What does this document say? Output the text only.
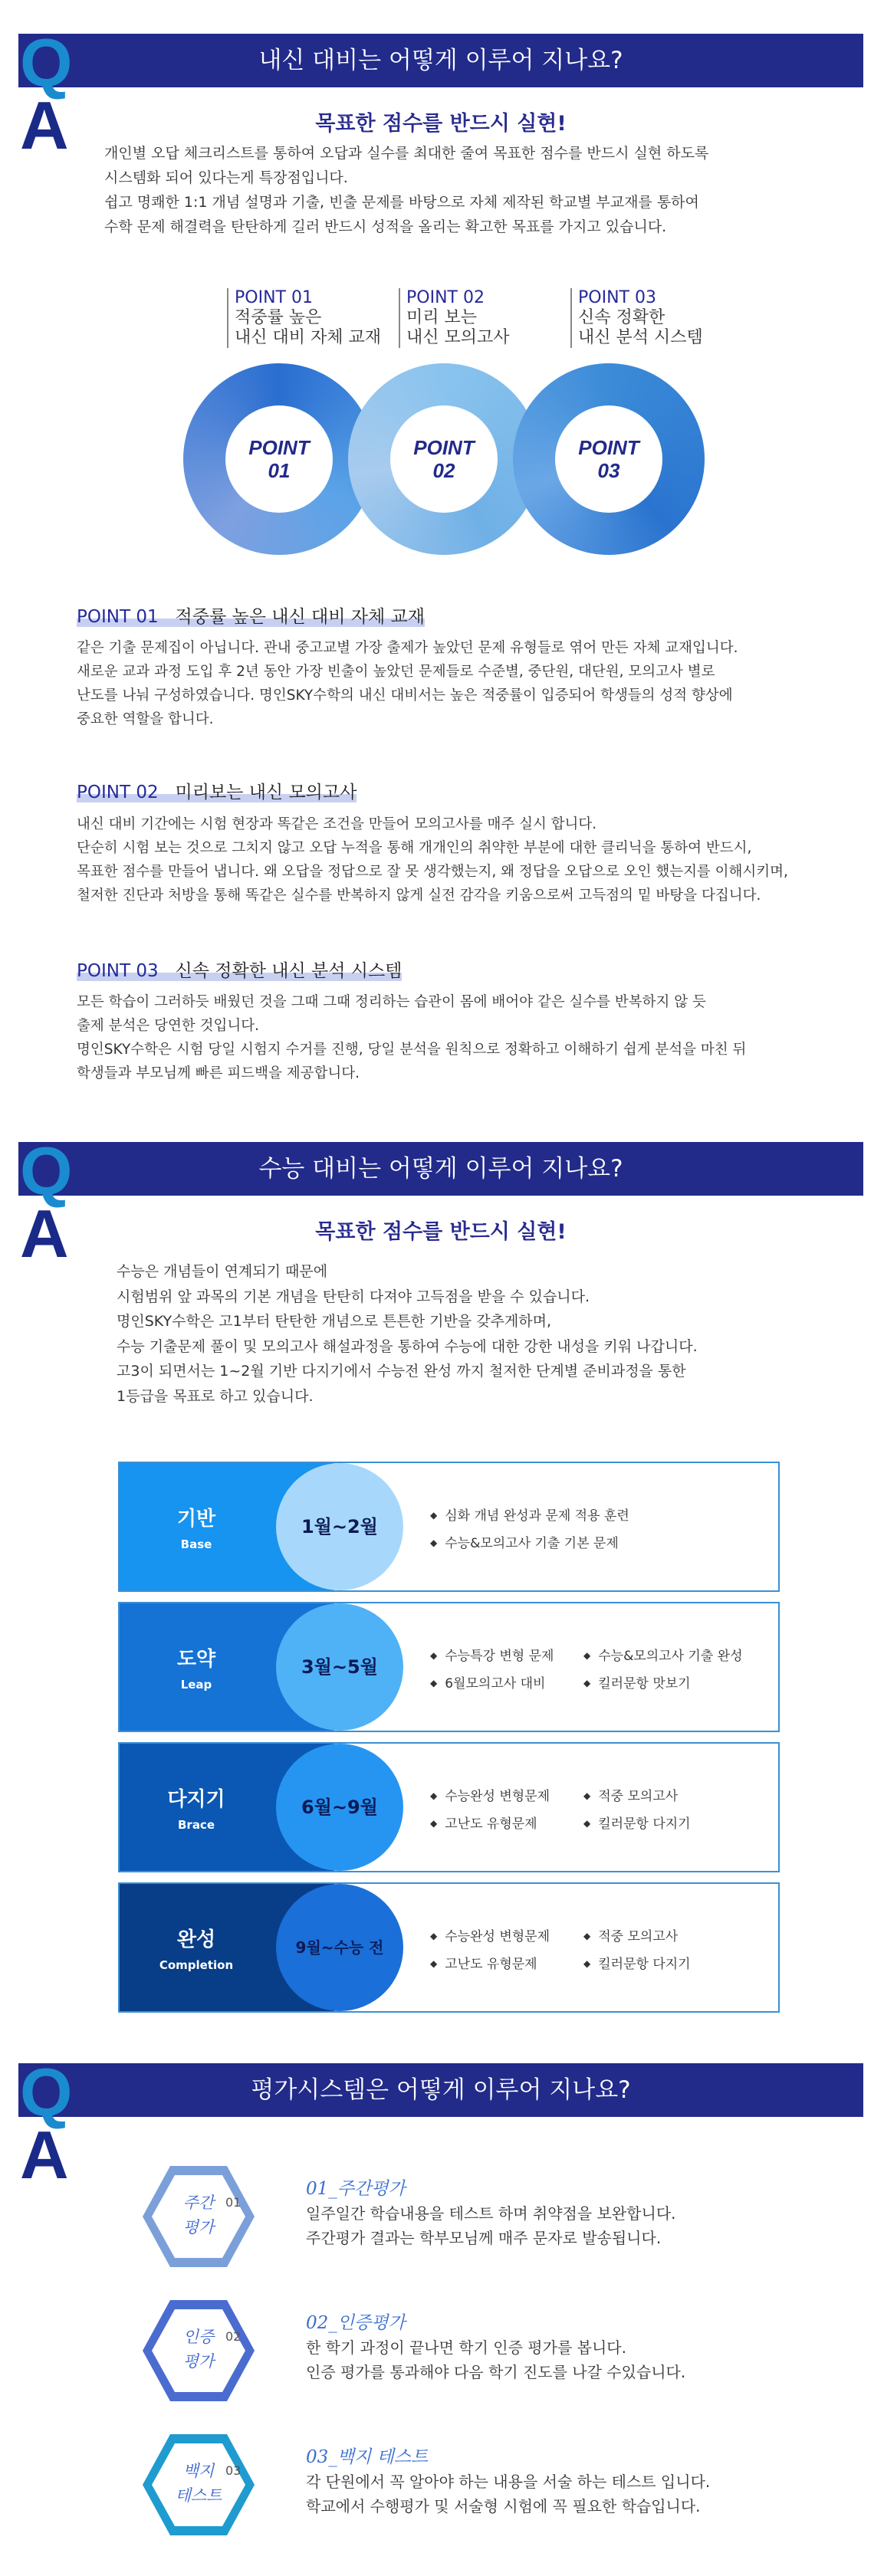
내신 대비는 어떻게 이루어 지나요?
Q
A	목표한 점수를 반드시 실현!
개인별 오답 체크리스트를 통하여 오답과 실수를 최대한 줄여 목표한 점수를 반드시 실현 하도록
시스템화 되어 있다는게 특장점입니다.
쉽고 명쾌한 1:1 개념 설명과 기출, 빈출 문제를 바탕으로 자체 제작된 학교별 부교재를 통하여
수학 문제 해결력을 탄탄하게 길러 반드시 성적을 올리는 확고한 목표를 가지고 있습니다.
POINT 01
적중률 높은
내신 대비 자체 교재
POINT 02
미리 보는
내신 모의고사
POINT 03
신속 정확한
내신 분석 시스템
POINT
01
POINT
02
POINT
03
POINT 01 적중률 높은 내신 대비 자체 교재
같은 기출 문제집이 아닙니다. 관내 중고교별 가장 출제가 높았던 문제 유형들로 엮어 만든 자체 교재입니다.
새로운 교과 과정 도입 후 2년 동안 가장 빈출이 높았던 문제들로 수준별, 중단원, 대단원, 모의고사 별로
난도를 나눠 구성하였습니다. 명인SKY수학의 내신 대비서는 높은 적중률이 입증되어 학생들의 성적 향상에
중요한 역할을 합니다.
POINT 02 미리보는 내신 모의고사
내신 대비 기간에는 시험 현장과 똑같은 조건을 만들어 모의고사를 매주 실시 합니다.
단순히 시험 보는 것으로 그치지 않고 오답 누적을 통해 개개인의 취약한 부분에 대한 클리닉을 통하여 반드시,
목표한 점수를 만들어 냅니다. 왜 오답을 정답으로 잘 못 생각했는지, 왜 정답을 오답으로 오인 했는지를 이해시키며,
철저한 진단과 처방을 통해 똑같은 실수를 반복하지 않게 실전 감각을 키움으로써 고득점의 밑 바탕을 다집니다.
POINT 03 신속 정확한 내신 분석 시스템
모든 학습이 그러하듯 배웠던 것을 그때 그때 정리하는 습관이 몸에 배어야 같은 실수를 반복하지 않 듯
출제 분석은 당연한 것입니다.
명인SKY수학은 시험 당일 시험지 수거를 진행, 당일 분석을 원칙으로 정확하고 이해하기 쉽게 분석을 마친 뒤
학생들과 부모님께 빠른 피드백을 제공합니다.
수능 대비는 어떻게 이루어 지나요?
Q
A	목표한 점수를 반드시 실현!
수능은 개념들이 연계되기 때문에
시험범위 앞 과목의 기본 개념을 탄탄히 다져야 고득점을 받을 수 있습니다.
명인SKY수학은 고1부터 탄탄한 개념으로 튼튼한 기반을 갖추게하며,
수능 기출문제 풀이 및 모의고사 해설과정을 통하여 수능에 대한 강한 내성을 키워 나갑니다.
고3이 되면서는 1~2월 기반 다지기에서 수능전 완성 까지 철저한 단계별 준비과정을 통한
1등급을 목표로 하고 있습니다.
1월~2월
기반
Base
◆ 심화 개념 완성과 문제 적용 훈련
◆ 수능&모의고사 기출 기본 문제
3월~5월
도약
Leap
◆ 수능특강 변형 문제	◆ 수능&모의고사 기출 완성
◆ 6월모의고사 대비	◆ 킬러문항 맛보기
6월~9월
다지기
Brace
◆ 수능완성 변형문제	◆ 적중 모의고사
◆ 고난도 유형문제	◆ 킬러문항 다지기
9월~수능 전
완성
Completion
◆ 수능완성 변형문제	◆ 적중 모의고사
◆ 고난도 유형문제	◆ 킬러문항 다지기
평가시스템은 어떻게 이루어 지나요?
Q
A
주간
평가
01
01_주간평가
일주일간 학습내용을 테스트 하며 취약점을 보완합니다.
주간평가 결과는 학부모님께 매주 문자로 발송됩니다.
인증
평가
02
02_인증평가
한 학기 과정이 끝나면 학기 인증 평가를 봅니다.
인증 평가를 통과해야 다음 학기 진도를 나갈 수있습니다.
백지
테스트
03
03_백지 테스트
각 단원에서 꼭 알아야 하는 내용을 서술 하는 테스트 입니다.
학교에서 수행평가 및 서술형 시험에 꼭 필요한 학습입니다.
